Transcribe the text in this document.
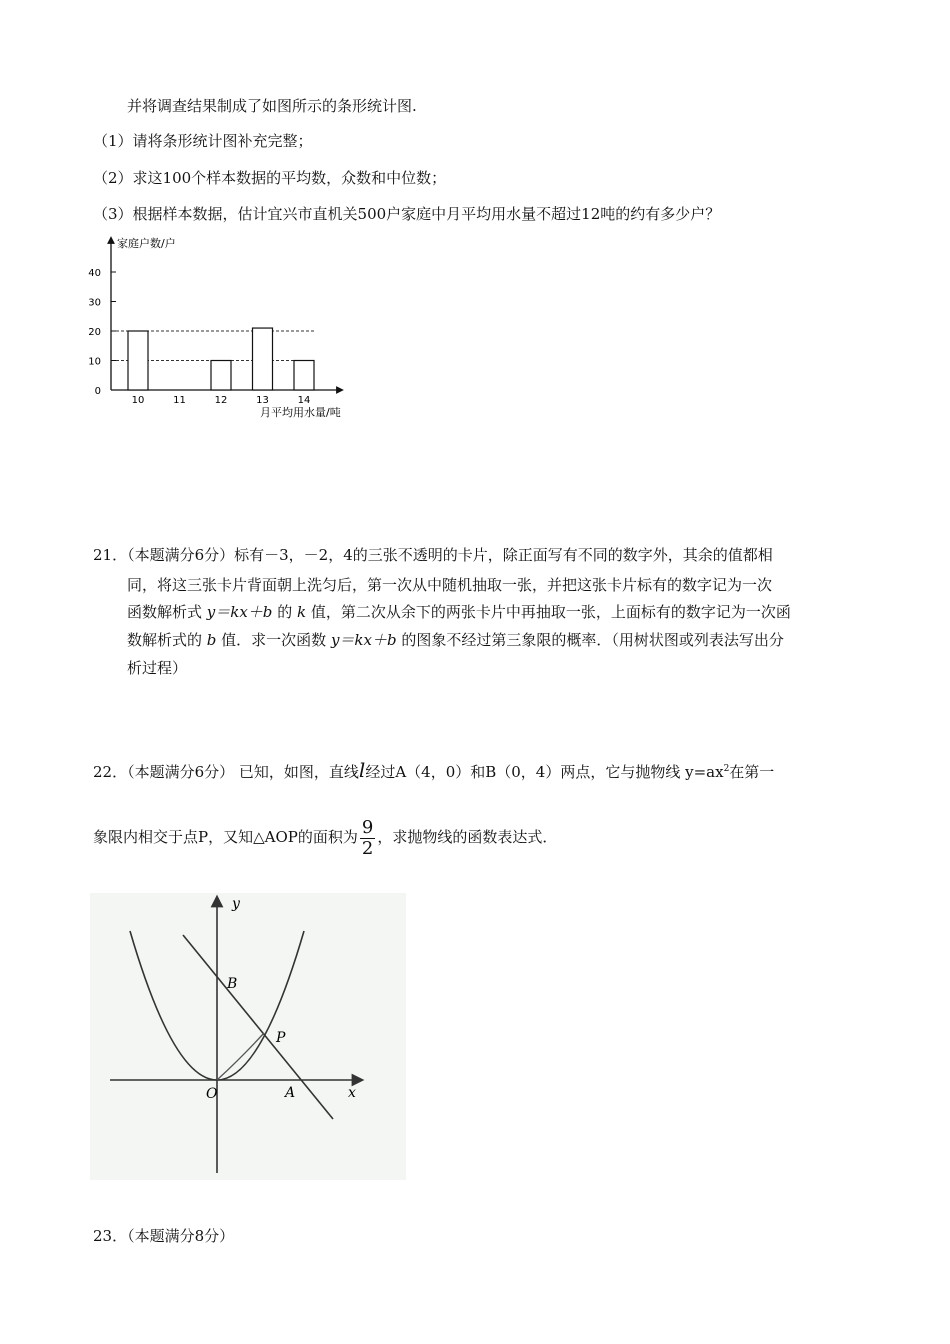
并将调查结果制成了如图所示的条形统计图.
（1）请将条形统计图补充完整；
（2）求这100个样本数据的平均数，众数和中位数；
（3）根据样本数据，估计宜兴市直机关500户家庭中月平均用水量不超过12吨的约有多少户？
0
10
20
30
40
10	11	12	13	14
家庭户数/户
月平均用水量/吨
21．（本题满分6分）标有－3，－2，4的三张不透明的卡片，除正面写有不同的数字外，其余的值都相
同，将这三张卡片背面朝上洗匀后，第一次从中随机抽取一张，并把这张卡片标有的数字记为一次
函数解析式 y＝kx＋b 的 k 值，第二次从余下的两张卡片中再抽取一张，上面标有的数字记为一次函
数解析式的 b 值．求一次函数 y＝kx＋b 的图象不经过第三象限的概率．（用树状图或列表法写出分
析过程）
22．（本题满分6分） 已知，如图，直线l经过A（4，0）和B（0，4）两点，它与抛物线 $y=ax^2$在第一
象限内相交于点P，又知△AOP的面积为 $\frac{9}{2}$ ，求抛物线的函数表达式．
y
x
O	A
B
P
23．（本题满分8分）
